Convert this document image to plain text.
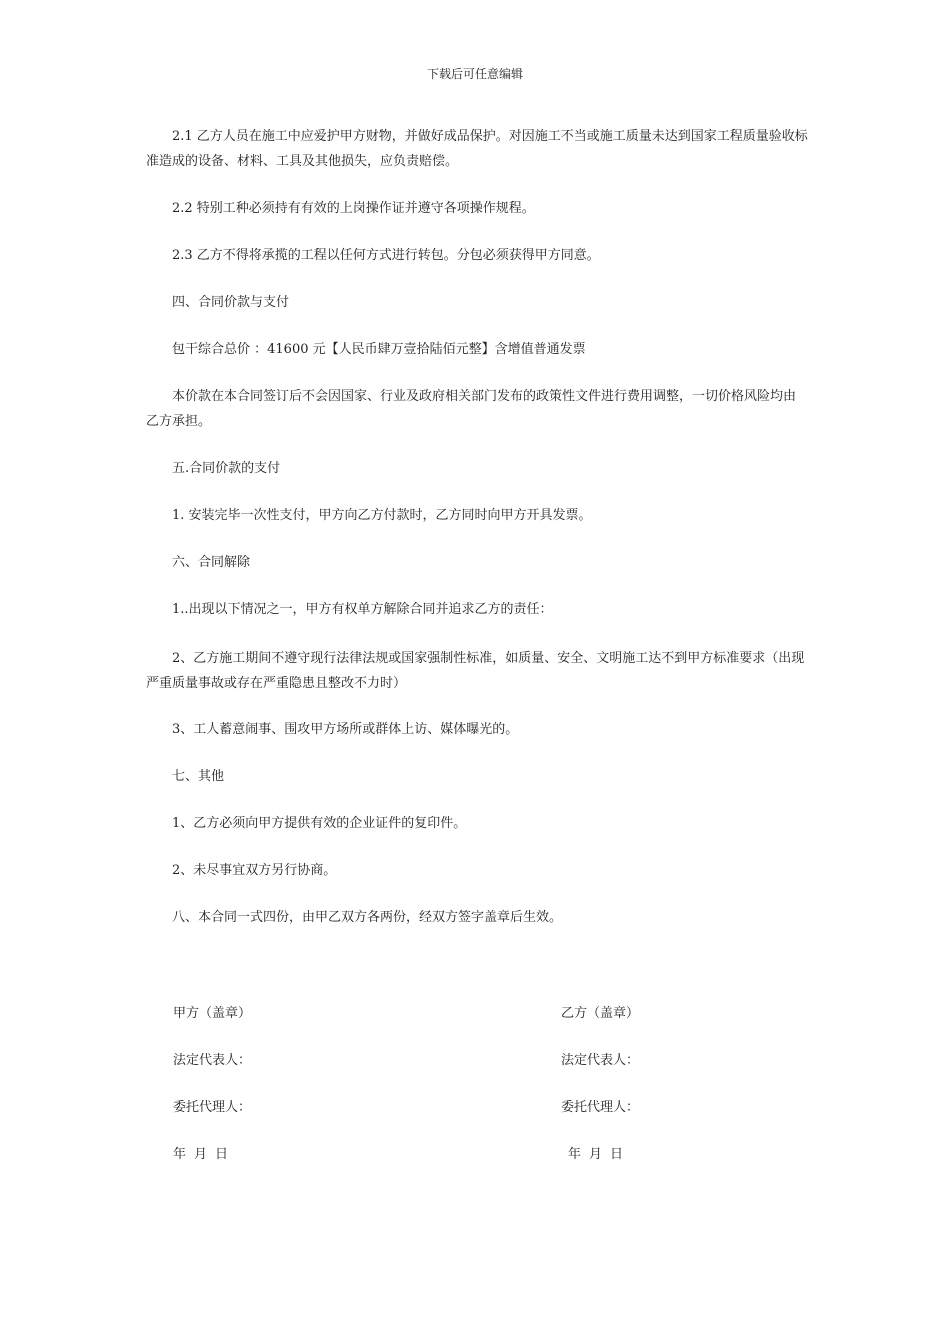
下载后可任意编辑

2.1 乙方人员在施工中应爱护甲方财物，并做好成品保护。对因施工不当或施工质量未达到国家工程质量验收标准造成的设备、材料、工具及其他损失，应负责赔偿。

2.2 特别工种必须持有有效的上岗操作证并遵守各项操作规程。

2.3 乙方不得将承揽的工程以任何方式进行转包。分包必须获得甲方同意。

四、合同价款与支付

包干综合总价 ：41600 元【人民币肆万壹拾陆佰元整】含增值普通发票

本价款在本合同签订后不会因国家、行业及政府相关部门发布的政策性文件进行费用调整，一切价格风险均由乙方承担。

五.合同价款的支付

1. 安装完毕一次性支付，甲方向乙方付款时，乙方同时向甲方开具发票。

六、合同解除

1..出现以下情况之一，甲方有权单方解除合同并追求乙方的责任：

2、乙方施工期间不遵守现行法律法规或国家强制性标准，如质量、安全、文明施工达不到甲方标准要求（出现严重质量事故或存在严重隐患且整改不力时）

3、工人蓄意闹事、围攻甲方场所或群体上访、媒体曝光的。

七、其他

1、乙方必须向甲方提供有效的企业证件的复印件。

2、未尽事宜双方另行协商。

八、本合同一式四份，由甲乙双方各两份，经双方签字盖章后生效。

甲方（盖章）	乙方（盖章）
法定代表人：	法定代表人：
委托代理人：	委托代理人：
年 月 日	年 月 日
